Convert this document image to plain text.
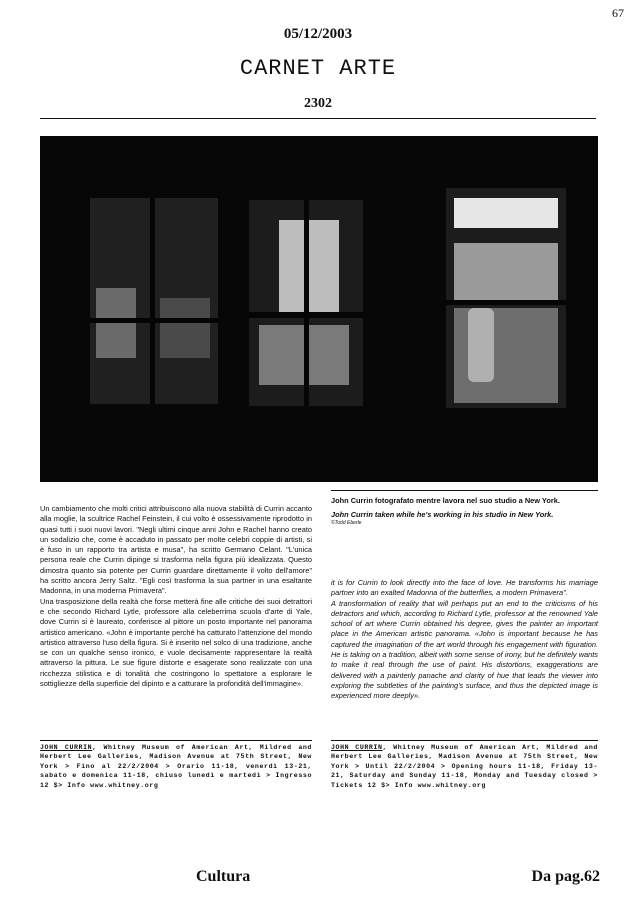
67
05/12/2003
CARNET ARTE
2302
John Currin fotografato mentre lavora nel suo studio a New York.
John Currin taken while he's working in his studio in New York.
©Todd Eberle
Un cambiamento che molti critici attribuiscono alla nuova stabilità di Currin accanto alla moglie, la scultrice Rachel Feinstein, il cui volto è ossessivamente riprodotto in quasi tutti i suoi nuovi lavori. "Negli ultimi cinque anni John e Rachel hanno creato un sodalizio che, come è accaduto in passato per molte celebri coppie di artisti, si è fuso in un rapporto tra artista e musa", ha scritto Germano Celant. "L'unica persona reale che Currin dipinge si trasforma nella figura più idealizzata. Questo dimostra quanto sia potente per Currin guardare direttamente il volto dell'amore" ha scritto ancora Jerry Saltz. "Egli così trasforma la sua partner in una esaltante Madonna, in una moderna Primavera".
Una trasposizione della realtà che forse metterà fine alle critiche dei suoi detrattori e che secondo Richard Lytle, professore alla celeberrima scuola d'arte di Yale, dove Currin si è laureato, conferisce al pittore un posto importante nel panorama artistico americano. «John è importante perché ha catturato l'attenzione del mondo artistico attraverso l'uso della figura. Si è inserito nel solco di una tradizione, anche se con un qualche senso ironico, e vuole decisamente rappresentare la realtà attraverso la pittura. Le sue figure distorte e esagerate sono realizzate con una ricchezza stilistica e di tonalità che costringono lo spettatore a esplorare le sottigliezze della superficie del dipinto e a catturare la profondità dell'immagine».
it is for Currin to look directly into the face of love. He transforms his marriage partner into an exalted Madonna of the butterflies, a modern Primavera".
A transformation of reality that will perhaps put an end to the criticisms of his detractors and which, according to Richard Lytle, professor at the renowned Yale school of art where Currin obtained his degree, gives the painter an important place in the American artistic panorama. «John is important because he has captured the imagination of the art world through his engagement with figuration. He is taking on a tradition, albeit with some sense of irony, but he definitely wants to make it real through the use of paint. His distortions, exaggerations are delivered with a painterly panache and clarity of hue that leads the viewer into exploring the subtleties of the painting's surface, and thus the depicted image is experienced more deeply».
JOHN CURRIN, Whitney Museum of American Art, Mildred and Herbert Lee Galleries, Madison Avenue at 75th Street, New York > Fino al 22/2/2004 > Orario 11-18, venerdì 13-21, sabato e domenica 11-18, chiuso lunedì e martedì > Ingresso 12 $> Info www.whitney.org
JOHN CURRIN, Whitney Museum of American Art, Mildred and Herbert Lee Galleries, Madison Avenue at 75th Street, New York > Until 22/2/2004 > Opening hours 11-18, Friday 13-21, Saturday and Sunday 11-18, Monday and Tuesday closed > Tickets 12 $> Info www.whitney.org
Cultura	Da pag.62
